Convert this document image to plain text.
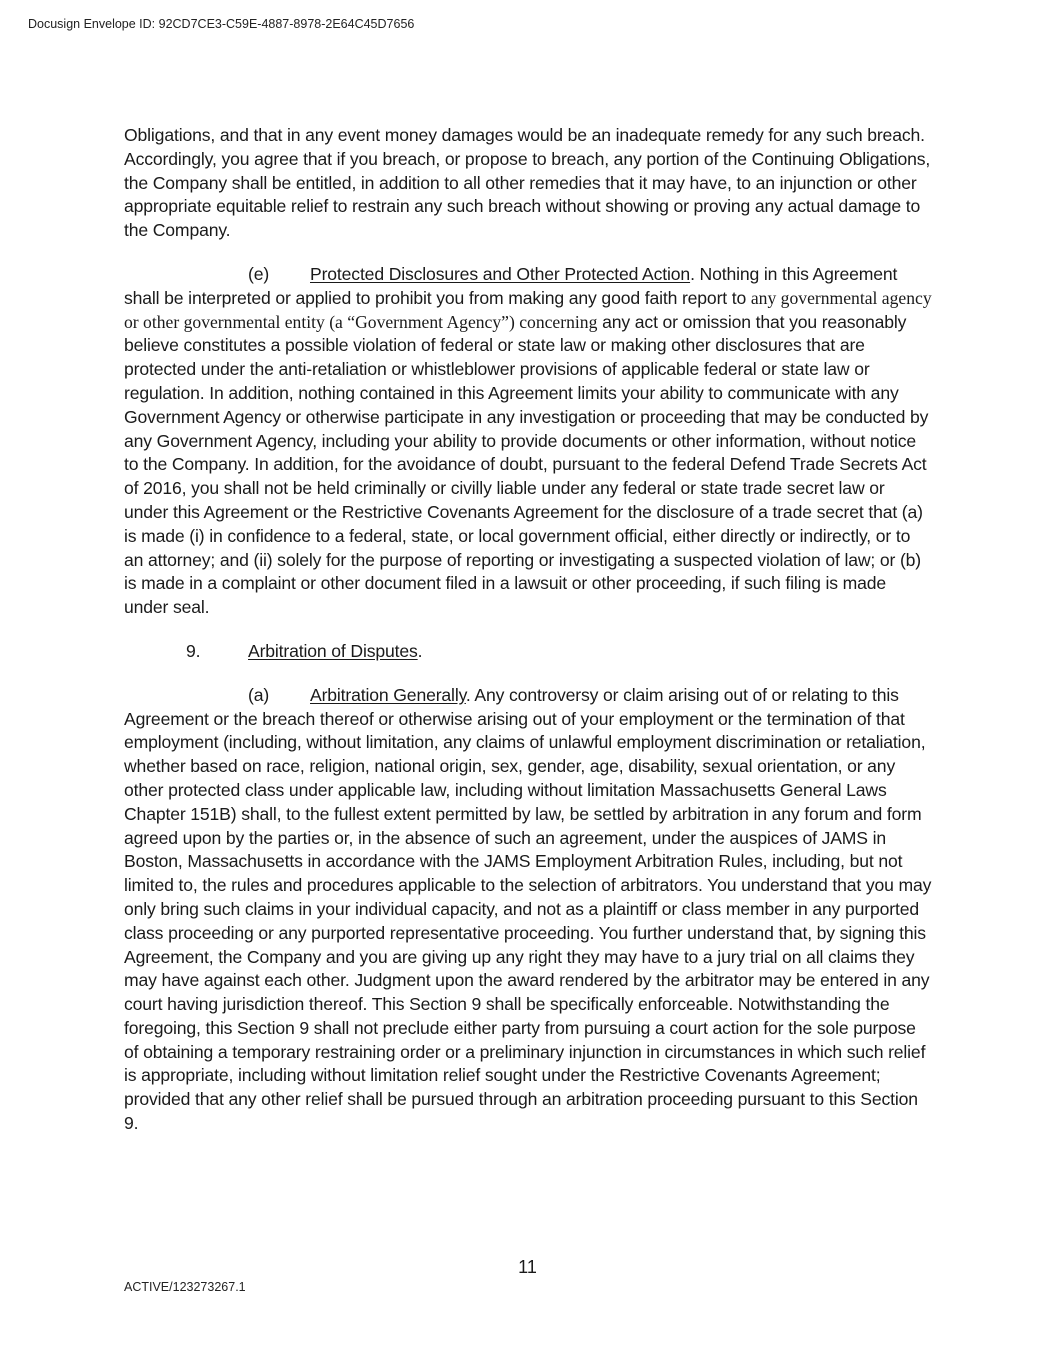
Docusign Envelope ID: 92CD7CE3-C59E-4887-8978-2E64C45D7656

Obligations, and that in any event money damages would be an inadequate remedy for any such breach. Accordingly, you agree that if you breach, or propose to breach, any portion of the Continuing Obligations, the Company shall be entitled, in addition to all other remedies that it may have, to an injunction or other appropriate equitable relief to restrain any such breach without showing or proving any actual damage to the Company.

(e) Protected Disclosures and Other Protected Action. Nothing in this Agreement shall be interpreted or applied to prohibit you from making any good faith report to any governmental agency or other governmental entity (a “Government Agency”) concerning any act or omission that you reasonably believe constitutes a possible violation of federal or state law or making other disclosures that are protected under the anti-retaliation or whistleblower provisions of applicable federal or state law or regulation. In addition, nothing contained in this Agreement limits your ability to communicate with any Government Agency or otherwise participate in any investigation or proceeding that may be conducted by any Government Agency, including your ability to provide documents or other information, without notice to the Company. In addition, for the avoidance of doubt, pursuant to the federal Defend Trade Secrets Act of 2016, you shall not be held criminally or civilly liable under any federal or state trade secret law or under this Agreement or the Restrictive Covenants Agreement for the disclosure of a trade secret that (a) is made (i) in confidence to a federal, state, or local government official, either directly or indirectly, or to an attorney; and (ii) solely for the purpose of reporting or investigating a suspected violation of law; or (b) is made in a complaint or other document filed in a lawsuit or other proceeding, if such filing is made under seal.

9.	Arbitration of Disputes.

(a) Arbitration Generally. Any controversy or claim arising out of or relating to this Agreement or the breach thereof or otherwise arising out of your employment or the termination of that employment (including, without limitation, any claims of unlawful employment discrimination or retaliation, whether based on race, religion, national origin, sex, gender, age, disability, sexual orientation, or any other protected class under applicable law, including without limitation Massachusetts General Laws Chapter 151B) shall, to the fullest extent permitted by law, be settled by arbitration in any forum and form agreed upon by the parties or, in the absence of such an agreement, under the auspices of JAMS in Boston, Massachusetts in accordance with the JAMS Employment Arbitration Rules, including, but not limited to, the rules and procedures applicable to the selection of arbitrators. You understand that you may only bring such claims in your individual capacity, and not as a plaintiff or class member in any purported class proceeding or any purported representative proceeding. You further understand that, by signing this Agreement, the Company and you are giving up any right they may have to a jury trial on all claims they may have against each other. Judgment upon the award rendered by the arbitrator may be entered in any court having jurisdiction thereof. This Section 9 shall be specifically enforceable. Notwithstanding the foregoing, this Section 9 shall not preclude either party from pursuing a court action for the sole purpose of obtaining a temporary restraining order or a preliminary injunction in circumstances in which such relief is appropriate, including without limitation relief sought under the Restrictive Covenants Agreement; provided that any other relief shall be pursued through an arbitration proceeding pursuant to this Section 9.

11
ACTIVE/123273267.1
